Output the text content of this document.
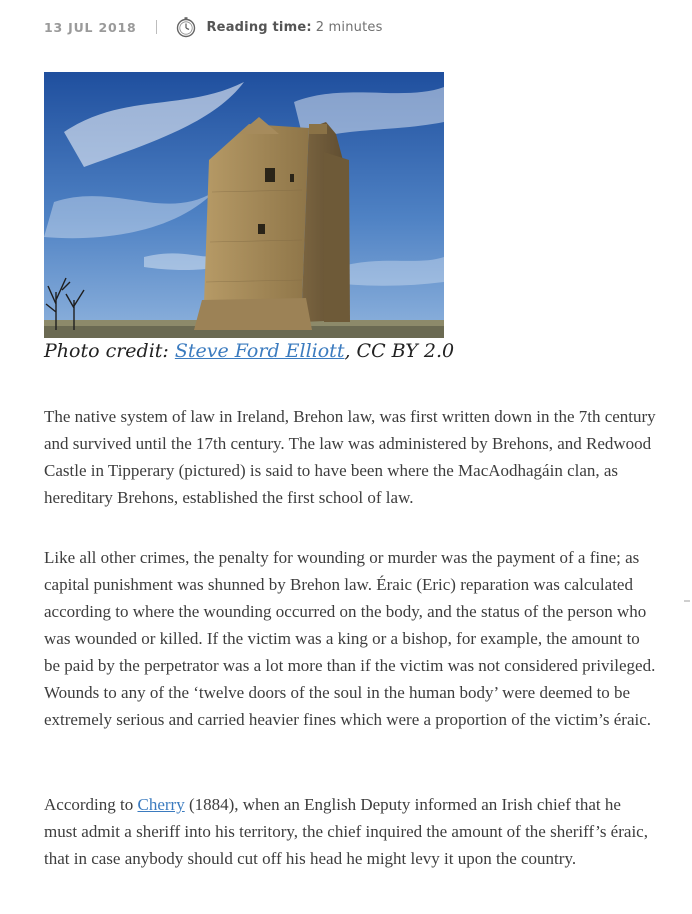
13 JUL 2018	Reading time: 2 minutes
Photo credit: Steve Ford Elliott, CC BY 2.0

The native system of law in Ireland, Brehon law, was first written down in the 7th century and survived until the 17th century. The law was administered by Brehons, and Redwood Castle in Tipperary (pictured) is said to have been where the MacAodhagáin clan, as hereditary Brehons, established the first school of law.

Like all other crimes, the penalty for wounding or murder was the payment of a fine; as capital punishment was shunned by Brehon law. Éraic (Eric) reparation was calculated according to where the wounding occurred on the body, and the status of the person who was wounded or killed. If the victim was a king or a bishop, for example, the amount to be paid by the perpetrator was a lot more than if the victim was not considered privileged. Wounds to any of the ‘twelve doors of the soul in the human body’ were deemed to be extremely serious and carried heavier fines which were a proportion of the victim’s éraic.

According to Cherry (1884), when an English Deputy informed an Irish chief that he must admit a sheriff into his territory, the chief inquired the amount of the sheriff’s éraic, that in case anybody should cut off his head he might levy it upon the country.
